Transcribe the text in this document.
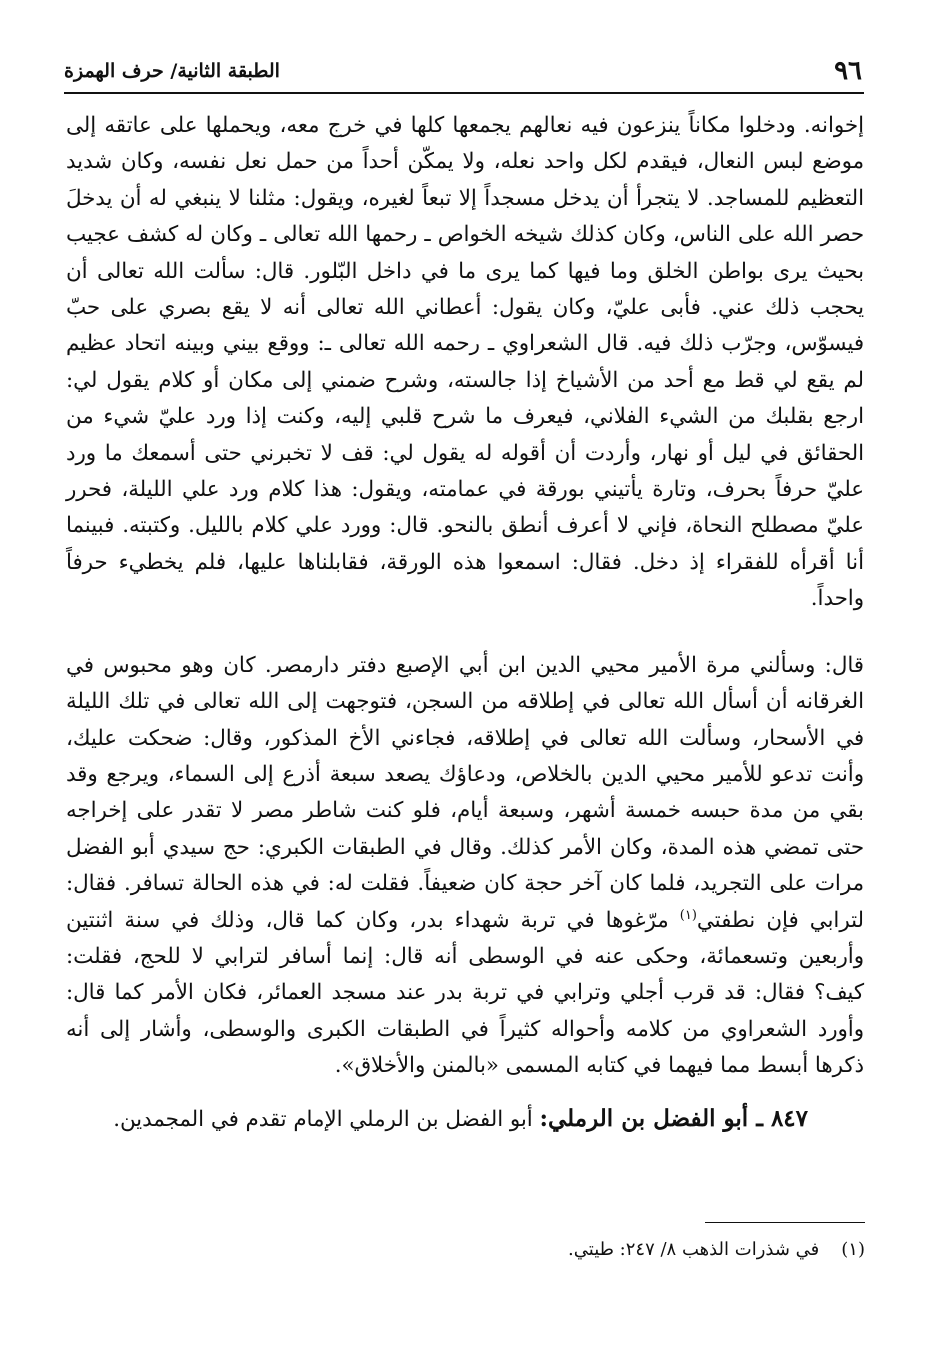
٩٦
الطبقة الثانية/ حرف الهمزة

إخوانه. ودخلوا مكاناً ينزعون فيه نعالهم يجمعها كلها في خرج معه، ويحملها على عاتقه إلى موضع لبس النعال، فيقدم لكل واحد نعله، ولا يمكّن أحداً من حمل نعل نفسه، وكان شديد التعظيم للمساجد. لا يتجرأ أن يدخل مسجداً إلا تبعاً لغيره، ويقول: مثلنا لا ينبغي له أن يدخلَ حصر الله على الناس، وكان كذلك شيخه الخواص ـ رحمها الله تعالى ـ وكان له كشف عجيب بحيث يرى بواطن الخلق وما فيها كما يرى ما في داخل البّلور. قال: سألت الله تعالى أن يحجب ذلك عني. فأبى عليّ، وكان يقول: أعطاني الله تعالى أنه لا يقع بصري على حبّ فيسوّس، وجرّب ذلك فيه. قال الشعراوي ـ رحمه الله تعالى ـ: ووقع بيني وبينه اتحاد عظيم لم يقع لي قط مع أحد من الأشياخ إذا جالسته، وشرح ضمني إلى مكان أو كلام يقول لي: ارجع بقلبك من الشيء الفلاني، فيعرف ما شرح قلبي إليه، وكنت إذا ورد عليّ شيء من الحقائق في ليل أو نهار، وأردت أن أقوله له يقول لي: قف لا تخبرني حتى أسمعك ما ورد عليّ حرفاً بحرف، وتارة يأتيني بورقة في عمامته، ويقول: هذا كلام ورد علي الليلة، فحرر عليّ مصطلح النحاة، فإني لا أعرف أنطق بالنحو. قال: وورد علي كلام بالليل. وكتبته. فبينما أنا أقرأه للفقراء إذ دخل. فقال: اسمعوا هذه الورقة، فقابلناها عليها، فلم يخطيء حرفاً واحداً.

قال: وسألني مرة الأمير محيي الدين ابن أبي الإصبع دفتر دارمصر. كان وهو محبوس في الغرقانه أن أسأل الله تعالى في إطلاقه من السجن، فتوجهت إلى الله تعالى في تلك الليلة في الأسحار، وسألت الله تعالى في إطلاقه، فجاءني الأخ المذكور، وقال: ضحكت عليك، وأنت تدعو للأمير محيي الدين بالخلاص، ودعاؤك يصعد سبعة أذرع إلى السماء، ويرجع وقد بقي من مدة حبسه خمسة أشهر، وسبعة أيام، فلو كنت شاطر مصر لا تقدر على إخراجه حتى تمضي هذه المدة، وكان الأمر كذلك. وقال في الطبقات الكبري: حج سيدي أبو الفضل مرات على التجريد، فلما كان آخر حجة كان ضعيفاً. فقلت له: في هذه الحالة تسافر. فقال: لترابي فإن نطفتي$^{(١)}$ مرّغوها في تربة شهداء بدر، وكان كما قال، وذلك في سنة اثنتين وأربعين وتسعمائة، وحكى عنه في الوسطى أنه قال: إنما أسافر لترابي لا للحج، فقلت: كيف؟ فقال: قد قرب أجلي وترابي في تربة بدر عند مسجد العمائر، فكان الأمر كما قال: وأورد الشعراوي من كلامه وأحواله كثيراً في الطبقات الكبرى والوسطى، وأشار إلى أنه ذكرها أبسط مما فيهما في كتابه المسمى «بالمنن والأخلاق».

٨٤٧ ـ أبو الفضل بن الرملي: أبو الفضل بن الرملي الإمام تقدم في المجمدين.

(١)في شذرات الذهب ٨/ ٢٤٧: طيتي.
